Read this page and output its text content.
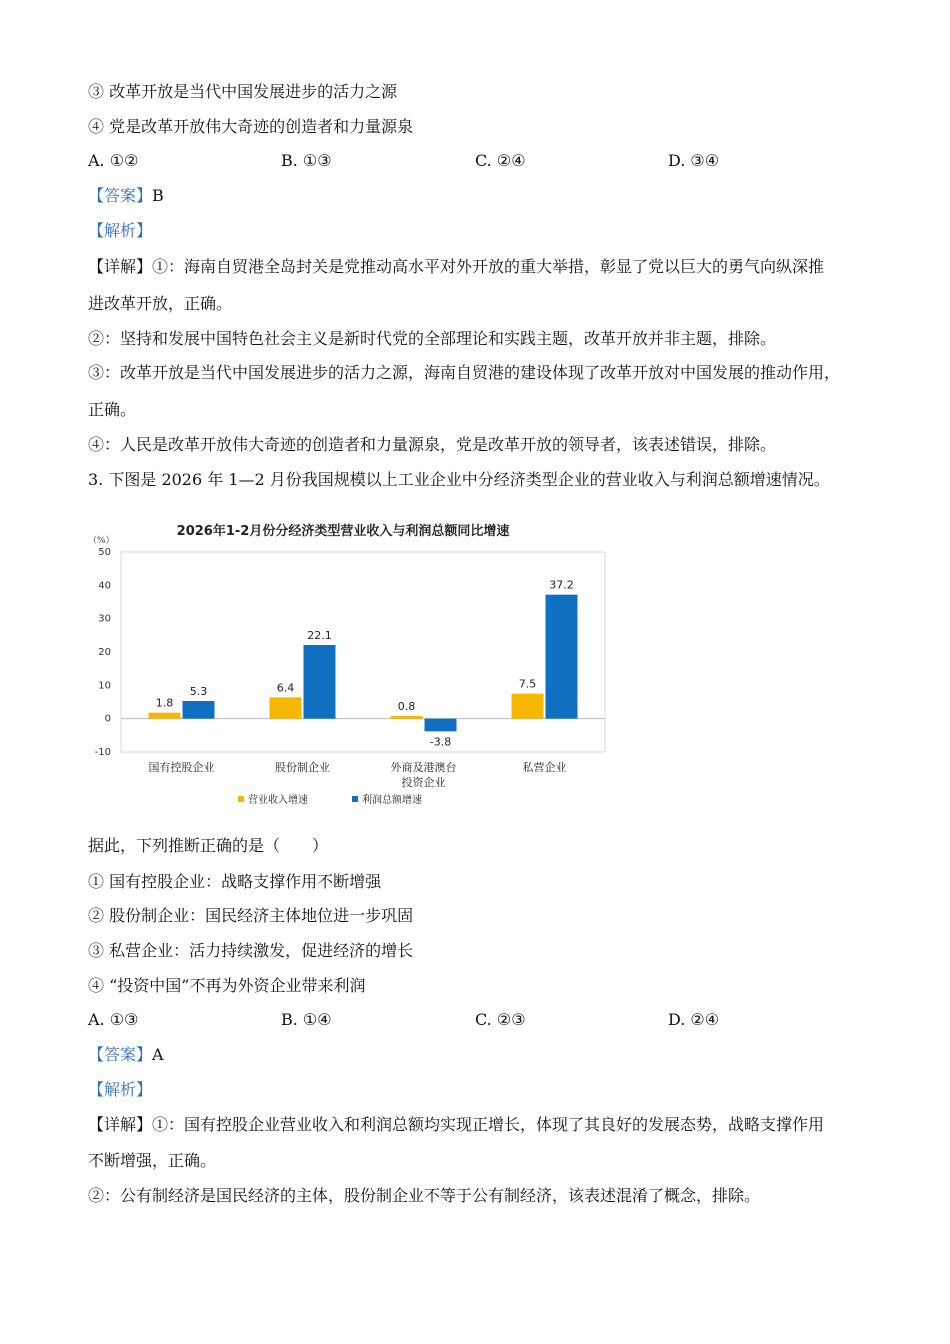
③ 改革开放是当代中国发展进步的活力之源
④ 党是改革开放伟大奇迹的创造者和力量源泉
A. ①②	B. ①③	C. ②④	D. ③④
【答案】B
【解析】
【详解】①：海南自贸港全岛封关是党推动高水平对外开放的重大举措，彰显了党以巨大的勇气向纵深推
进改革开放，正确。
②：坚持和发展中国特色社会主义是新时代党的全部理论和实践主题，改革开放并非主题，排除。
③：改革开放是当代中国发展进步的活力之源，海南自贸港的建设体现了改革开放对中国发展的推动作用，
正确。
④：人民是改革开放伟大奇迹的创造者和力量源泉，党是改革开放的领导者，该表述错误，排除。
3. 下图是 2026 年 1—2 月份我国规模以上工业企业中分经济类型企业的营业收入与利润总额增速情况。
2026年1-2月份分经济类型营业收入与利润总额同比增速
（%）
-10
0
10
20
30
40
50
1.8
5.3	6.4
22.1
0.8
-3.8
7.5
37.2
国有控股企业	股份制企业	外商及港澳台
投资企业
私营企业
营业收入增速	利润总额增速
据此，下列推断正确的是（　　）
① 国有控股企业：战略支撑作用不断增强
② 股份制企业：国民经济主体地位进一步巩固
③ 私营企业：活力持续激发，促进经济的增长
④ “投资中国”不再为外资企业带来利润
A. ①③	B. ①④	C. ②③	D. ②④
【答案】A
【解析】
【详解】①：国有控股企业营业收入和利润总额均实现正增长，体现了其良好的发展态势，战略支撑作用
不断增强，正确。
②：公有制经济是国民经济的主体，股份制企业不等于公有制经济，该表述混淆了概念，排除。
